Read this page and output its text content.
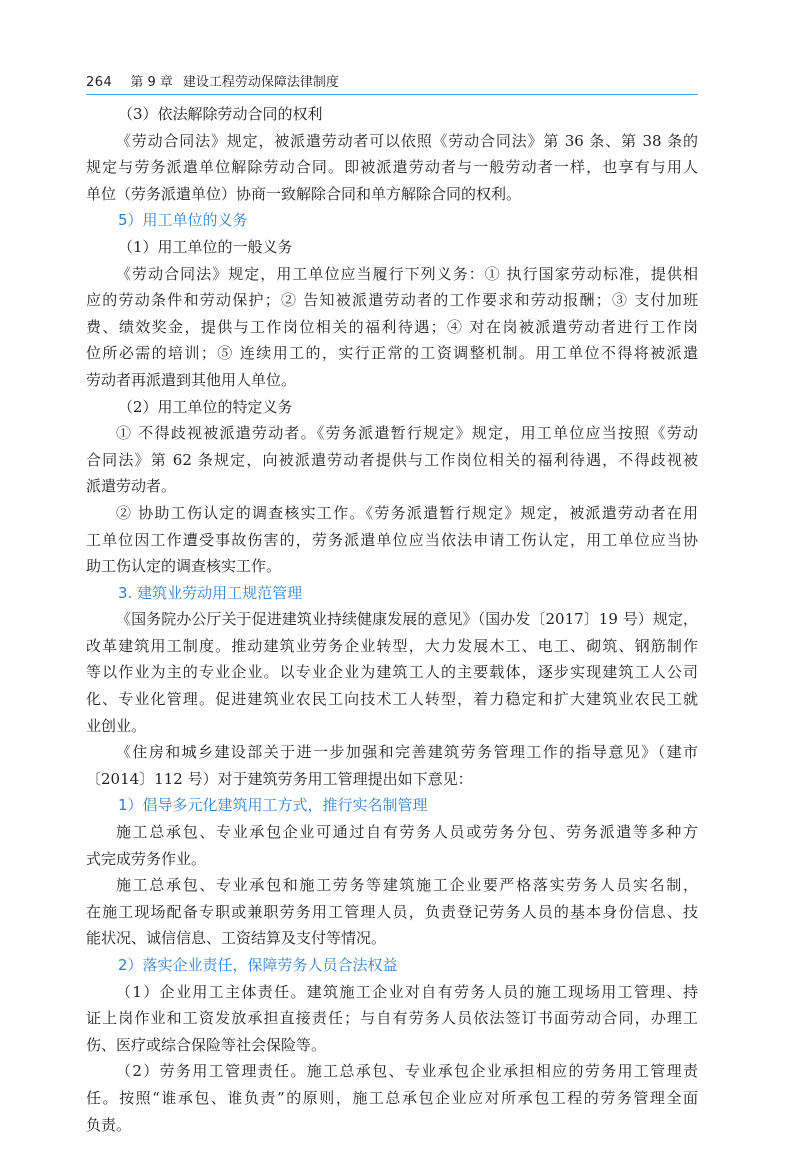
264 第 9 章 建设工程劳动保障法律制度
（3）依法解除劳动合同的权利
《劳动合同法》规定，被派遣劳动者可以依照《劳动合同法》第 36 条、第 38 条的
规定与劳务派遣单位解除劳动合同。即被派遣劳动者与一般劳动者一样，也享有与用人
单位（劳务派遣单位）协商一致解除合同和单方解除合同的权利。
5）用工单位的义务
（1）用工单位的一般义务
《劳动合同法》规定，用工单位应当履行下列义务：① 执行国家劳动标准，提供相
应的劳动条件和劳动保护；② 告知被派遣劳动者的工作要求和劳动报酬；③ 支付加班
费、绩效奖金，提供与工作岗位相关的福利待遇；④ 对在岗被派遣劳动者进行工作岗
位所必需的培训；⑤ 连续用工的，实行正常的工资调整机制。用工单位不得将被派遣
劳动者再派遣到其他用人单位。
（2）用工单位的特定义务
① 不得歧视被派遣劳动者。《劳务派遣暂行规定》规定，用工单位应当按照《劳动
合同法》第 62 条规定，向被派遣劳动者提供与工作岗位相关的福利待遇，不得歧视被
派遣劳动者。
② 协助工伤认定的调查核实工作。《劳务派遣暂行规定》规定，被派遣劳动者在用
工单位因工作遭受事故伤害的，劳务派遣单位应当依法申请工伤认定，用工单位应当协
助工伤认定的调查核实工作。
3. 建筑业劳动用工规范管理
《国务院办公厅关于促进建筑业持续健康发展的意见》（国办发〔2017〕19 号）规定，
改革建筑用工制度。推动建筑业劳务企业转型，大力发展木工、电工、砌筑、钢筋制作
等以作业为主的专业企业。以专业企业为建筑工人的主要载体，逐步实现建筑工人公司
化、专业化管理。促进建筑业农民工向技术工人转型，着力稳定和扩大建筑业农民工就
业创业。
《住房和城乡建设部关于进一步加强和完善建筑劳务管理工作的指导意见》（建市
〔2014〕112 号）对于建筑劳务用工管理提出如下意见：
1）倡导多元化建筑用工方式，推行实名制管理
施工总承包、专业承包企业可通过自有劳务人员或劳务分包、劳务派遣等多种方
式完成劳务作业。
施工总承包、专业承包和施工劳务等建筑施工企业要严格落实劳务人员实名制，
在施工现场配备专职或兼职劳务用工管理人员，负责登记劳务人员的基本身份信息、技
能状况、诚信信息、工资结算及支付等情况。
2）落实企业责任，保障劳务人员合法权益
（1）企业用工主体责任。建筑施工企业对自有劳务人员的施工现场用工管理、持
证上岗作业和工资发放承担直接责任；与自有劳务人员依法签订书面劳动合同，办理工
伤、医疗或综合保险等社会保险等。
（2）劳务用工管理责任。施工总承包、专业承包企业承担相应的劳务用工管理责
任。按照“谁承包、谁负责”的原则，施工总承包企业应对所承包工程的劳务管理全面
负责。
